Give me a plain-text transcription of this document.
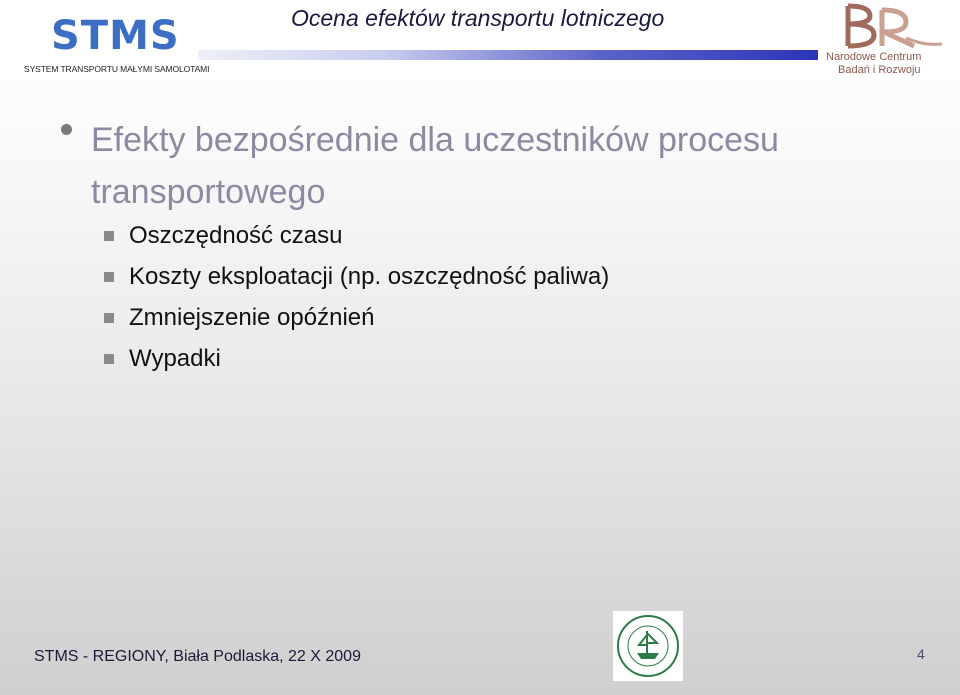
STMS
SYSTEM TRANSPORTU MAŁYMI SAMOLOTAMI
Ocena efektów transportu lotniczego
Narodowe Centrum
Badań i Rozwoju
Efekty bezpośrednie dla uczestników procesu transportowego
Oszczędność czasu
Koszty eksploatacji (np. oszczędność paliwa)
Zmniejszenie opóźnień
Wypadki
STMS - REGIONY, Biała Podlaska, 22 X 2009	4
